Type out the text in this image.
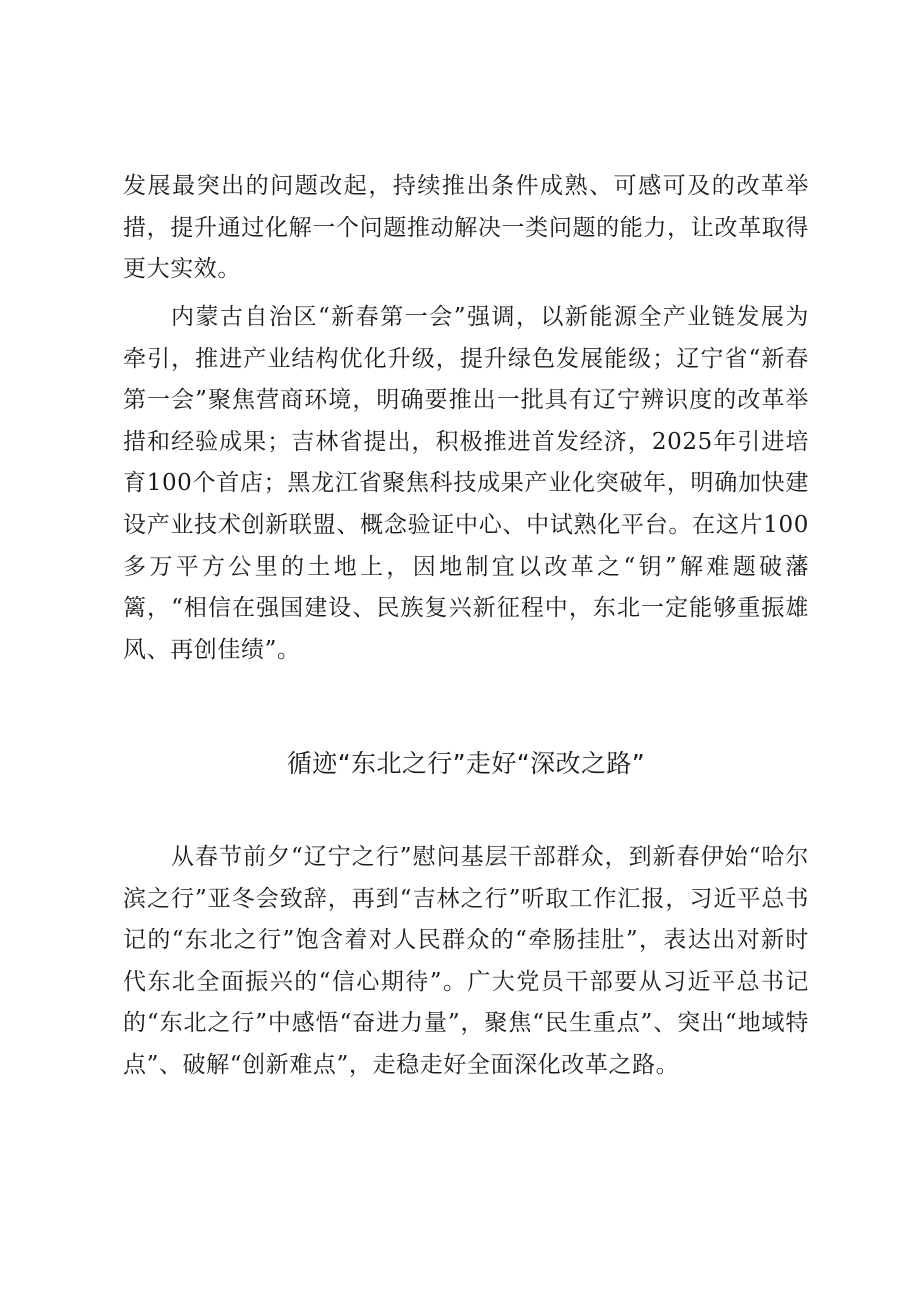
发展最突出的问题改起，持续推出条件成熟、可感可及的改革举措，提升通过化解一个问题推动解决一类问题的能力，让改革取得更大实效。

内蒙古自治区“新春第一会”强调，以新能源全产业链发展为牵引，推进产业结构优化升级，提升绿色发展能级；辽宁省“新春第一会”聚焦营商环境，明确要推出一批具有辽宁辨识度的改革举措和经验成果；吉林省提出，积极推进首发经济，2025年引进培育100个首店；黑龙江省聚焦科技成果产业化突破年，明确加快建设产业技术创新联盟、概念验证中心、中试熟化平台。在这片100多万平方公里的土地上，因地制宜以改革之“钥”解难题破藩篱，“相信在强国建设、民族复兴新征程中，东北一定能够重振雄风、再创佳绩”。

循迹“东北之行”走好“深改之路”

从春节前夕“辽宁之行”慰问基层干部群众，到新春伊始“哈尔滨之行”亚冬会致辞，再到“吉林之行”听取工作汇报，习近平总书记的“东北之行”饱含着对人民群众的“牵肠挂肚”，表达出对新时代东北全面振兴的“信心期待”。广大党员干部要从习近平总书记的“东北之行”中感悟“奋进力量”，聚焦“民生重点”、突出“地域特点”、破解“创新难点”，走稳走好全面深化改革之路。
